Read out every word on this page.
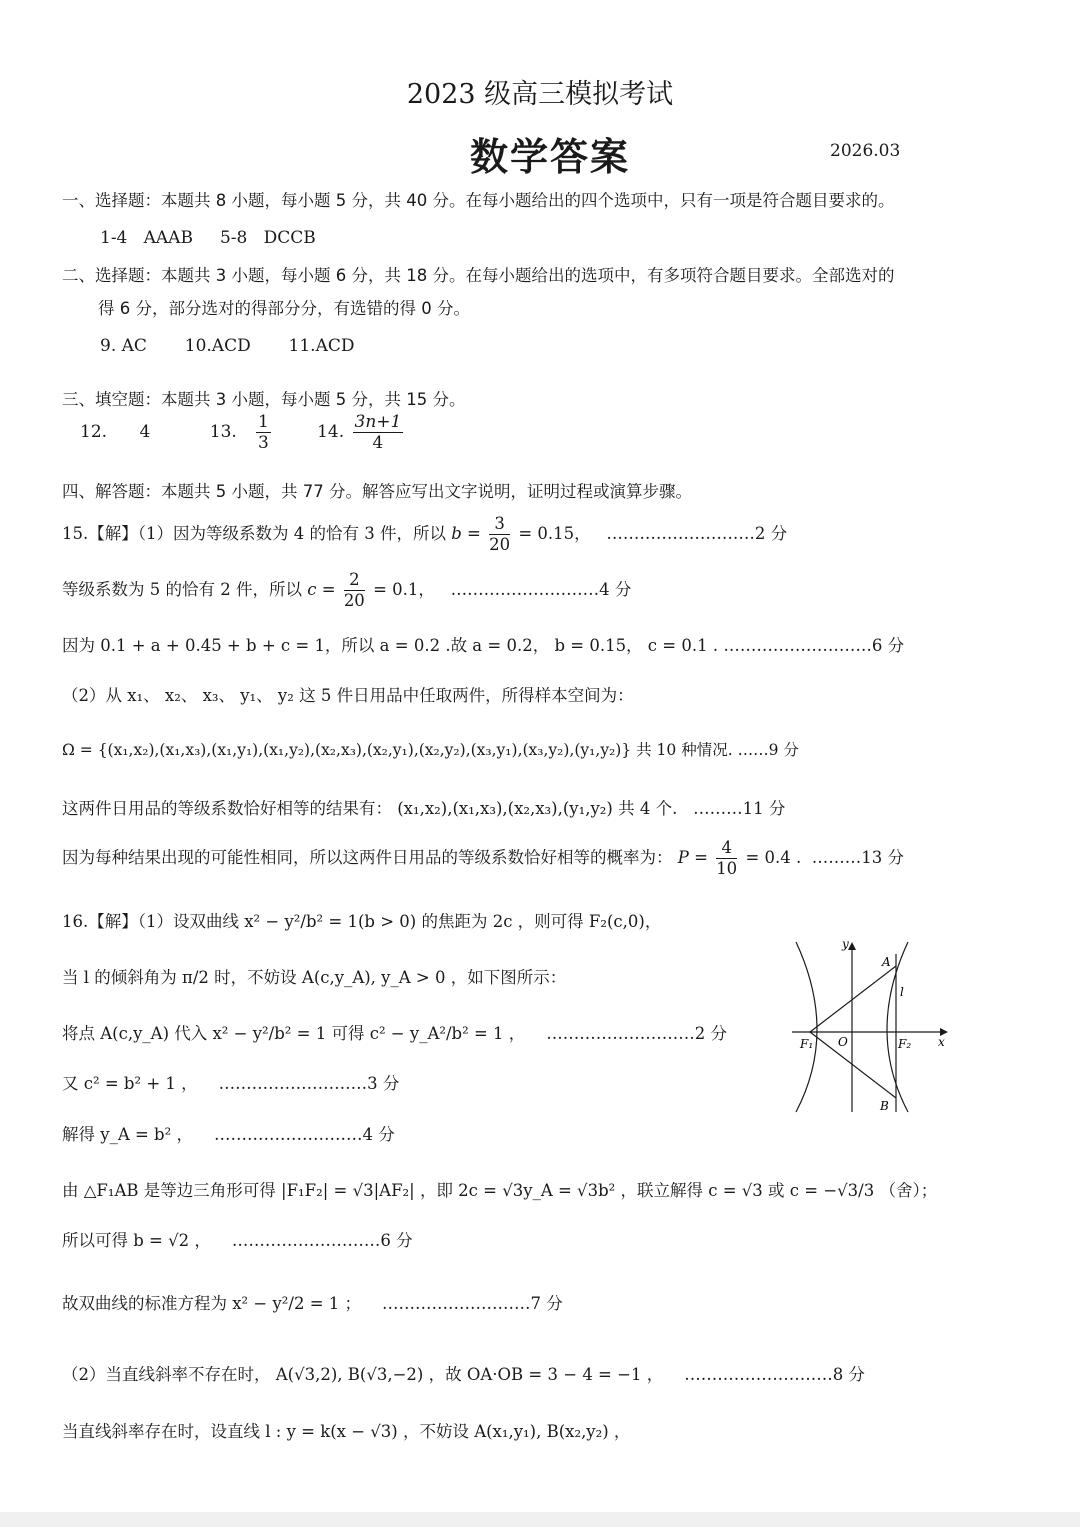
2023 级高三模拟考试
数学答案	2026.03
一、选择题：本题共 8 小题，每小题 5 分，共 40 分。在每小题给出的四个选项中，只有一项是符合题目要求的。
1-4 AAAB 5-8 DCCB
二、选择题：本题共 3 小题，每小题 6 分，共 18 分。在每小题给出的选项中，有多项符合题目要求。全部选对的
得 6 分，部分选对的得部分分，有选错的得 0 分。
9. AC 10.ACD 11.ACD
三、填空题：本题共 3 小题，每小题 5 分，共 15 分。
12. 4	13. $\frac{1}{3}$	14. $\frac{3n+1}{4}$
四、解答题：本题共 5 小题，共 77 分。解答应写出文字说明，证明过程或演算步骤。
15.【解】（1）因为等级系数为 4 的恰有 3 件，所以 $b = \frac{3}{20} = 0.15$， ………………………2 分
等级系数为 5 的恰有 2 件，所以 $c = \frac{2}{20} = 0.1$， ………………………4 分
因为 0.1 + a + 0.45 + b + c = 1，所以 a = 0.2 .故 a = 0.2， b = 0.15， c = 0.1 . ………………………6 分
（2）从 x₁、 x₂、 x₃、 y₁、 y₂ 这 5 件日用品中任取两件，所得样本空间为：
Ω = {(x₁,x₂),(x₁,x₃),(x₁,y₁),(x₁,y₂),(x₂,x₃),(x₂,y₁),(x₂,y₂),(x₃,y₁),(x₃,y₂),(y₁,y₂)} 共 10 种情况. ……9 分
这两件日用品的等级系数恰好相等的结果有： (x₁,x₂),(x₁,x₃),(x₂,x₃),(y₁,y₂) 共 4 个. ………11 分
因为每种结果出现的可能性相同，所以这两件日用品的等级系数恰好相等的概率为： $P = \frac{4}{10} = 0.4$ . ………13 分
16.【解】（1）设双曲线 x² − y²/b² = 1(b > 0) 的焦距为 2c ，则可得 F₂(c,0)，
当 l 的倾斜角为 π/2 时，不妨设 A(c,y_A), y_A > 0 ，如下图所示：
将点 A(c,y_A) 代入 x² − y²/b² = 1 可得 c² − y_A²/b² = 1 ， ………………………2 分
又 c² = b² + 1 ， ………………………3 分
解得 y_A = b² ， ………………………4 分
由 △F₁AB 是等边三角形可得 |F₁F₂| = √3|AF₂| ，即 2c = √3y_A = √3b² ，联立解得 c = √3 或 c = −√3/3 （舍）；
所以可得 b = √2 ， ………………………6 分
故双曲线的标准方程为 x² − y²/2 = 1 ； ………………………7 分
（2）当直线斜率不存在时， A(√3,2), B(√3,−2) ，故 OA·OB = 3 − 4 = −1 ， ………………………8 分
当直线斜率存在时，设直线 l : y = k(x − √3) ，不妨设 A(x₁,y₁), B(x₂,y₂) ，
y
x
A
B
l
F₁ O	F₂
